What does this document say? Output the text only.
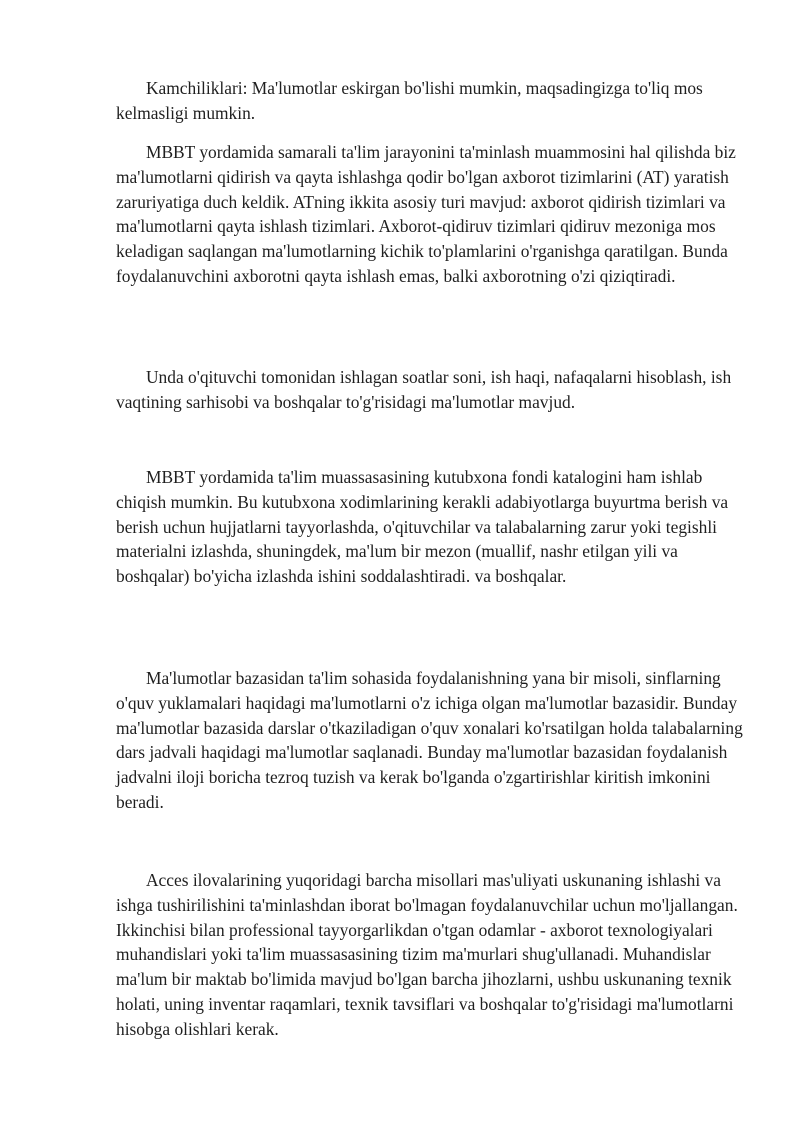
Kamchiliklari: Ma'lumotlar eskirgan bo'lishi mumkin, maqsadingizga to'liq mos kelmasligi mumkin.

MBBT yordamida samarali ta'lim jarayonini ta'minlash muammosini hal qilishda biz ma'lumotlarni qidirish va qayta ishlashga qodir bo'lgan axborot tizimlarini (AT) yaratish zaruriyatiga duch keldik. ATning ikkita asosiy turi mavjud: axborot qidirish tizimlari va ma'lumotlarni qayta ishlash tizimlari. Axborot-qidiruv tizimlari qidiruv mezoniga mos keladigan saqlangan ma'lumotlarning kichik to'plamlarini o'rganishga qaratilgan. Bunda foydalanuvchini axborotni qayta ishlash emas, balki axborotning o'zi qiziqtiradi.

Unda o'qituvchi tomonidan ishlagan soatlar soni, ish haqi, nafaqalarni hisoblash, ish vaqtining sarhisobi va boshqalar to'g'risidagi ma'lumotlar mavjud.

MBBT yordamida ta'lim muassasasining kutubxona fondi katalogini ham ishlab chiqish mumkin. Bu kutubxona xodimlarining kerakli adabiyotlarga buyurtma berish va berish uchun hujjatlarni tayyorlashda, o'qituvchilar va talabalarning zarur yoki tegishli materialni izlashda, shuningdek, ma'lum bir mezon (muallif, nashr etilgan yili va boshqalar) bo'yicha izlashda ishini soddalashtiradi. va boshqalar.

Ma'lumotlar bazasidan ta'lim sohasida foydalanishning yana bir misoli, sinflarning o'quv yuklamalari haqidagi ma'lumotlarni o'z ichiga olgan ma'lumotlar bazasidir. Bunday ma'lumotlar bazasida darslar o'tkaziladigan o'quv xonalari ko'rsatilgan holda talabalarning dars jadvali haqidagi ma'lumotlar saqlanadi. Bunday ma'lumotlar bazasidan foydalanish jadvalni iloji boricha tezroq tuzish va kerak bo'lganda o'zgartirishlar kiritish imkonini beradi.

Acces ilovalarining yuqoridagi barcha misollari mas'uliyati uskunaning ishlashi va ishga tushirilishini ta'minlashdan iborat bo'lmagan foydalanuvchilar uchun mo'ljallangan. Ikkinchisi bilan professional tayyorgarlikdan o'tgan odamlar - axborot texnologiyalari muhandislari yoki ta'lim muassasasining tizim ma'murlari shug'ullanadi. Muhandislar ma'lum bir maktab bo'limida mavjud bo'lgan barcha jihozlarni, ushbu uskunaning texnik holati, uning inventar raqamlari, texnik tavsiflari va boshqalar to'g'risidagi ma'lumotlarni hisobga olishlari kerak.
